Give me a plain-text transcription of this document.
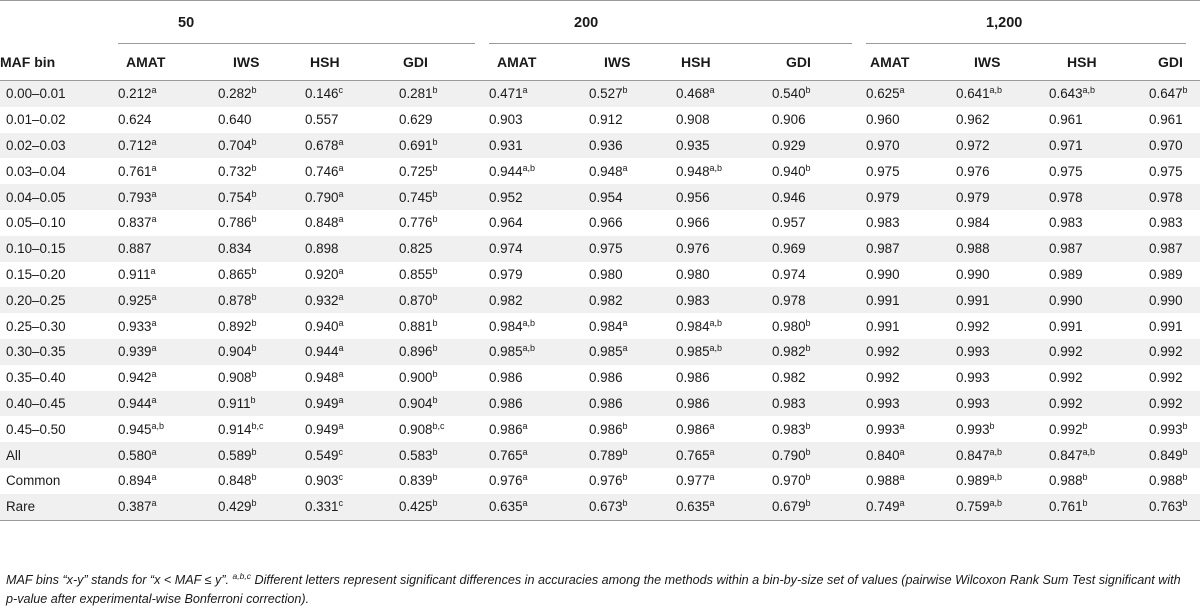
	50				200				1,200			

MAF bin	AMAT	IWS	HSH	GDI	AMAT	IWS	HSH	GDI	AMAT	IWS	HSH	GDI
0.00–0.01	0.212$^a$	0.282$^b$	0.146$^c$	0.281$^b$	0.471$^a$	0.527$^b$	0.468$^a$	0.540$^b$	0.625$^a$	0.641$^{a,b}$	0.643$^{a,b}$	0.647$^b$
0.01–0.02	0.624	0.640	0.557	0.629	0.903	0.912	0.908	0.906	0.960	0.962	0.961	0.961
0.02–0.03	0.712$^a$	0.704$^b$	0.678$^a$	0.691$^b$	0.931	0.936	0.935	0.929	0.970	0.972	0.971	0.970
0.03–0.04	0.761$^a$	0.732$^b$	0.746$^a$	0.725$^b$	0.944$^{a,b}$	0.948$^a$	0.948$^{a,b}$	0.940$^b$	0.975	0.976	0.975	0.975
0.04–0.05	0.793$^a$	0.754$^b$	0.790$^a$	0.745$^b$	0.952	0.954	0.956	0.946	0.979	0.979	0.978	0.978
0.05–0.10	0.837$^a$	0.786$^b$	0.848$^a$	0.776$^b$	0.964	0.966	0.966	0.957	0.983	0.984	0.983	0.983
0.10–0.15	0.887	0.834	0.898	0.825	0.974	0.975	0.976	0.969	0.987	0.988	0.987	0.987
0.15–0.20	0.911$^a$	0.865$^b$	0.920$^a$	0.855$^b$	0.979	0.980	0.980	0.974	0.990	0.990	0.989	0.989
0.20–0.25	0.925$^a$	0.878$^b$	0.932$^a$	0.870$^b$	0.982	0.982	0.983	0.978	0.991	0.991	0.990	0.990
0.25–0.30	0.933$^a$	0.892$^b$	0.940$^a$	0.881$^b$	0.984$^{a,b}$	0.984$^a$	0.984$^{a,b}$	0.980$^b$	0.991	0.992	0.991	0.991
0.30–0.35	0.939$^a$	0.904$^b$	0.944$^a$	0.896$^b$	0.985$^{a,b}$	0.985$^a$	0.985$^{a,b}$	0.982$^b$	0.992	0.993	0.992	0.992
0.35–0.40	0.942$^a$	0.908$^b$	0.948$^a$	0.900$^b$	0.986	0.986	0.986	0.982	0.992	0.993	0.992	0.992
0.40–0.45	0.944$^a$	0.911$^b$	0.949$^a$	0.904$^b$	0.986	0.986	0.986	0.983	0.993	0.993	0.992	0.992
0.45–0.50	0.945$^{a,b}$	0.914$^{b,c}$	0.949$^a$	0.908$^{b,c}$	0.986$^a$	0.986$^b$	0.986$^a$	0.983$^b$	0.993$^a$	0.993$^b$	0.992$^b$	0.993$^b$
All	0.580$^a$	0.589$^b$	0.549$^c$	0.583$^b$	0.765$^a$	0.789$^b$	0.765$^a$	0.790$^b$	0.840$^a$	0.847$^{a,b}$	0.847$^{a,b}$	0.849$^b$
Common	0.894$^a$	0.848$^b$	0.903$^c$	0.839$^b$	0.976$^a$	0.976$^b$	0.977$^a$	0.970$^b$	0.988$^a$	0.989$^{a,b}$	0.988$^b$	0.988$^b$
Rare	0.387$^a$	0.429$^b$	0.331$^c$	0.425$^b$	0.635$^a$	0.673$^b$	0.635$^a$	0.679$^b$	0.749$^a$	0.759$^{a,b}$	0.761$^b$	0.763$^b$
MAF bins “x-y” stands for “x < MAF ≤ y”. $^{a,b,c}$ Different letters represent significant differences in accuracies among the methods within a bin-by-size set of values (pairwise Wilcoxon Rank Sum Test significant with p-value after experimental-wise Bonferroni correction).
